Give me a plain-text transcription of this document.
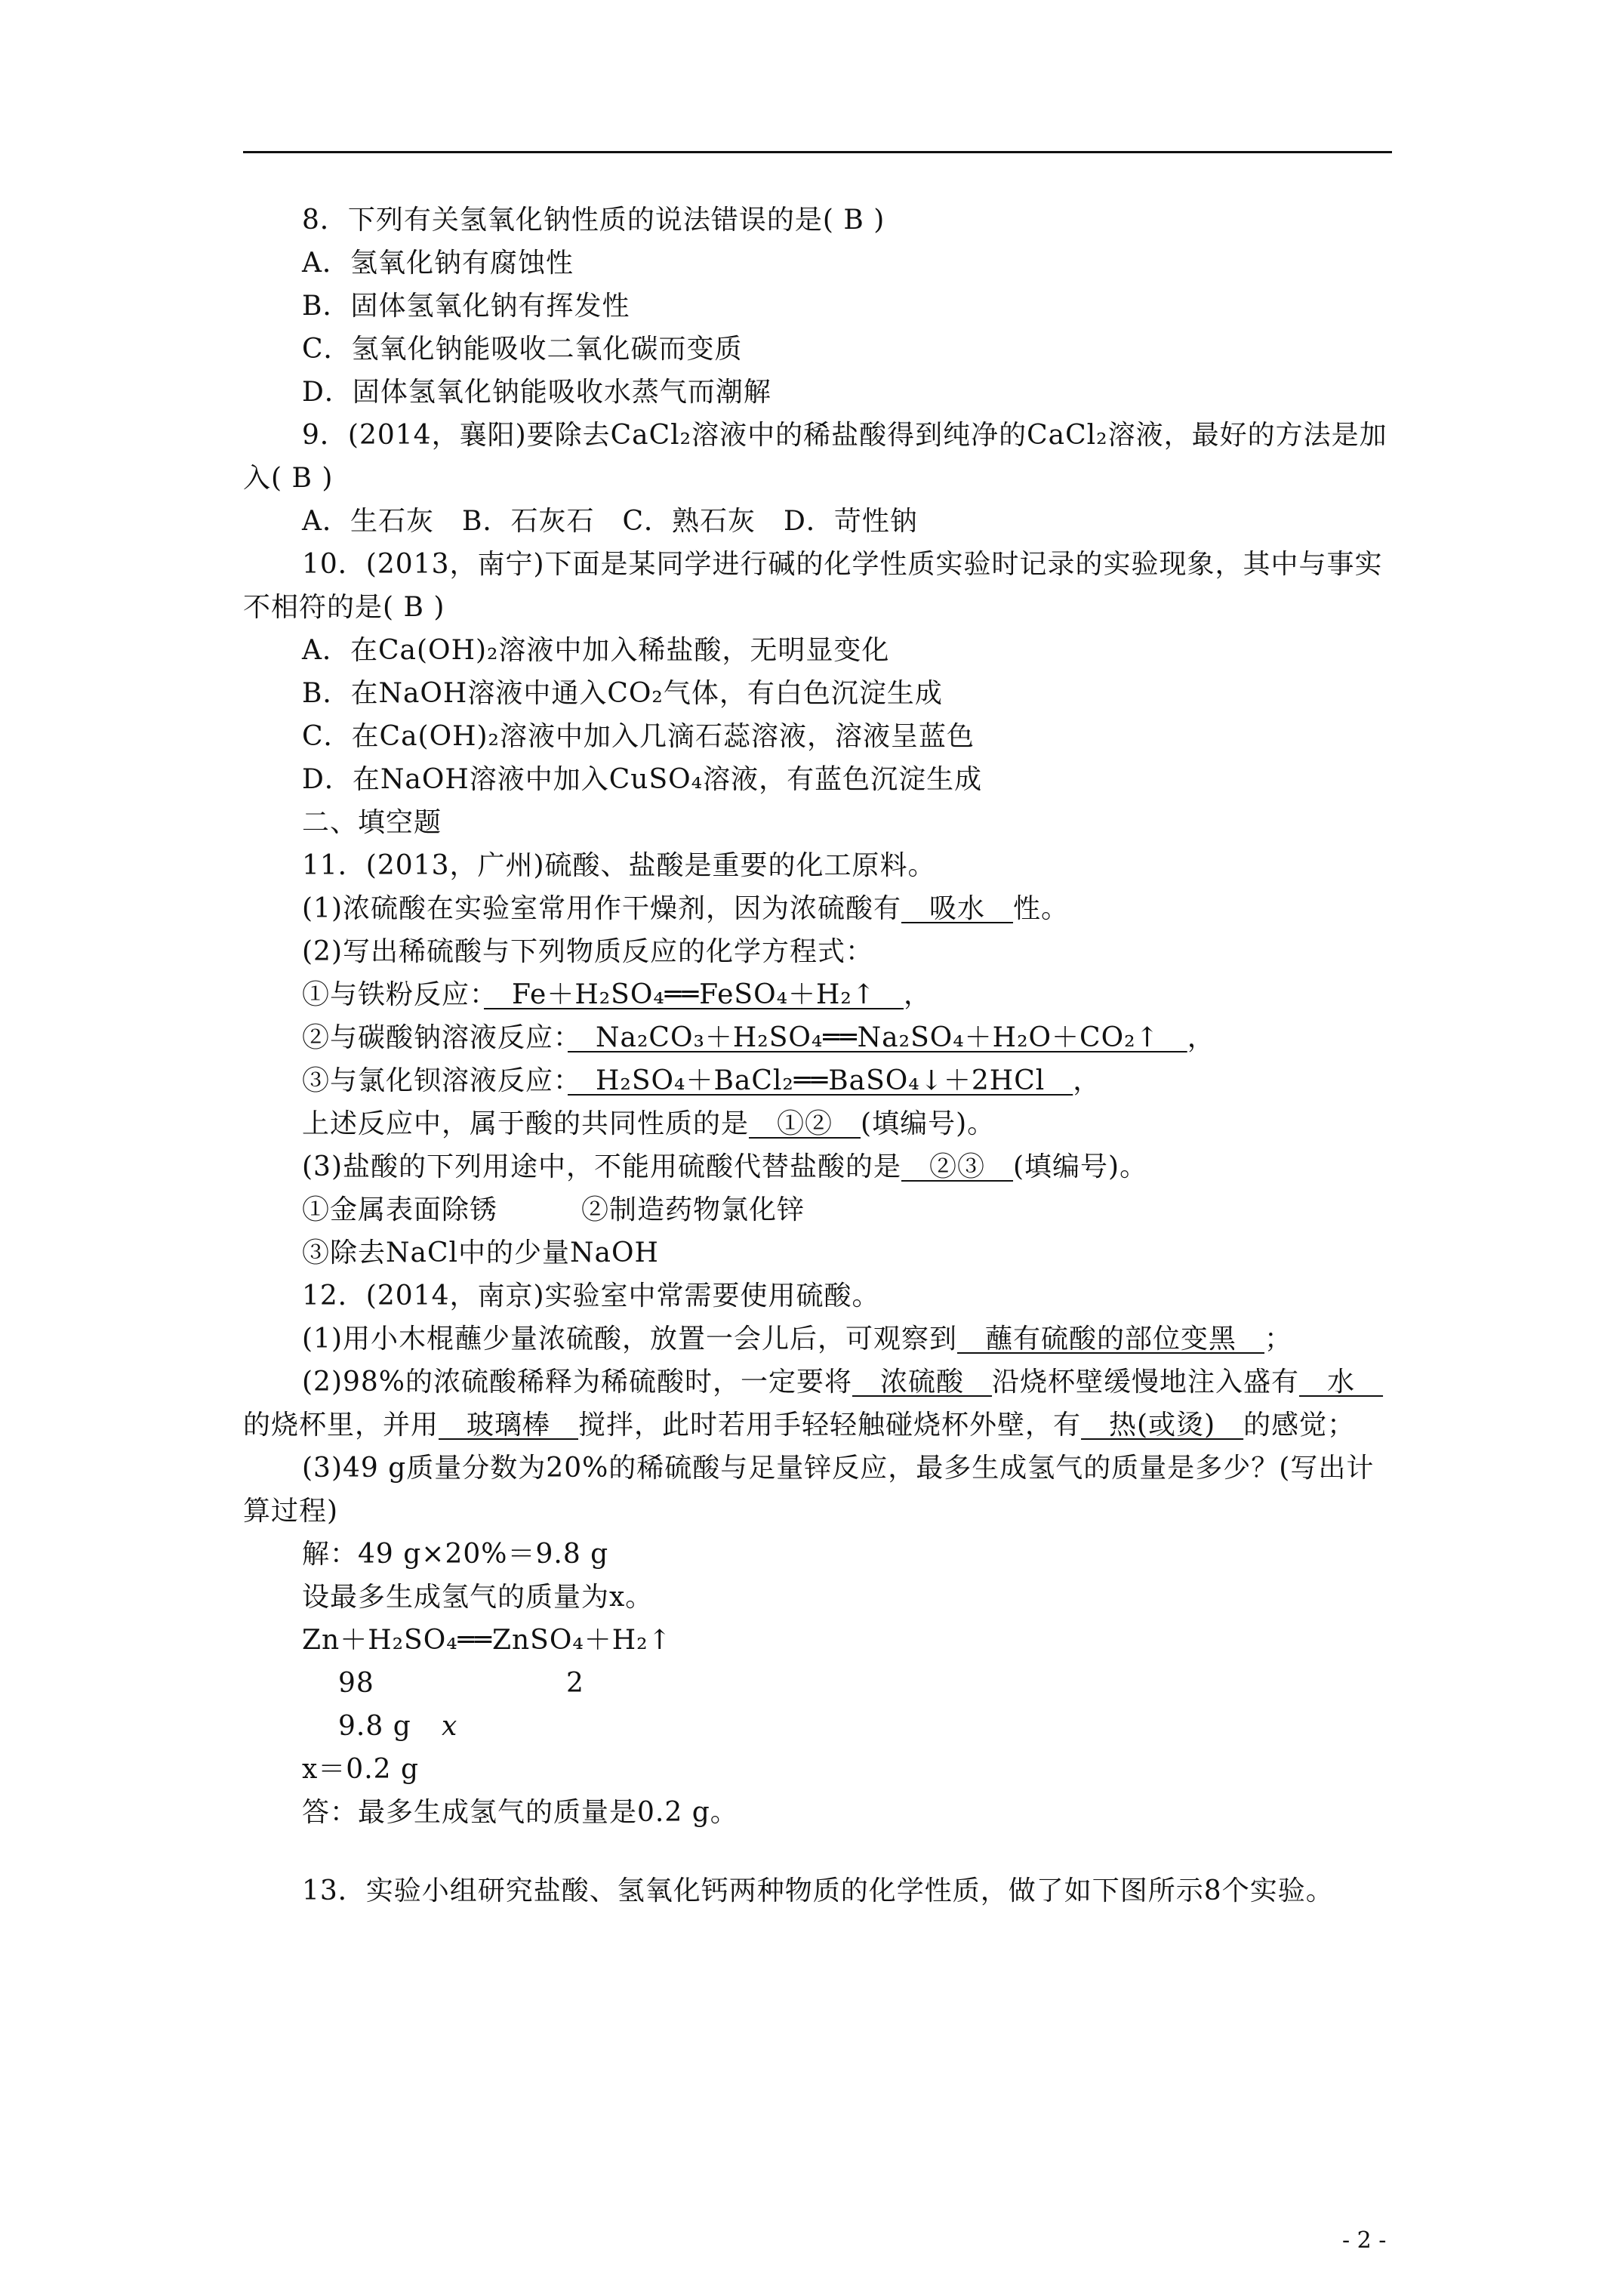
8．下列有关氢氧化钠性质的说法错误的是( B )
A．氢氧化钠有腐蚀性
B．固体氢氧化钠有挥发性
C．氢氧化钠能吸收二氧化碳而变质
D．固体氢氧化钠能吸收水蒸气而潮解
9．(2014，襄阳)要除去CaCl₂溶液中的稀盐酸得到纯净的CaCl₂溶液，最好的方法是加
入( B )
A．生石灰　B．石灰石　C．熟石灰　D．苛性钠
10．(2013，南宁)下面是某同学进行碱的化学性质实验时记录的实验现象，其中与事实
不相符的是( B )
A．在Ca(OH)₂溶液中加入稀盐酸，无明显变化
B．在NaOH溶液中通入CO₂气体，有白色沉淀生成
C．在Ca(OH)₂溶液中加入几滴石蕊溶液，溶液呈蓝色
D．在NaOH溶液中加入CuSO₄溶液，有蓝色沉淀生成
二、填空题
11．(2013，广州)硫酸、盐酸是重要的化工原料。
(1)浓硫酸在实验室常用作干燥剂，因为浓硫酸有　吸水　性。
(2)写出稀硫酸与下列物质反应的化学方程式：
①与铁粉反应：　Fe＋H₂SO₄══FeSO₄＋H₂↑　，
②与碳酸钠溶液反应：　Na₂CO₃＋H₂SO₄══Na₂SO₄＋H₂O＋CO₂↑　，
③与氯化钡溶液反应：　H₂SO₄＋BaCl₂══BaSO₄↓＋2HCl　，
上述反应中，属于酸的共同性质的是　①②　(填编号)。
(3)盐酸的下列用途中，不能用硫酸代替盐酸的是　②③　(填编号)。
①金属表面除锈　　　②制造药物氯化锌
③除去NaCl中的少量NaOH
12．(2014，南京)实验室中常需要使用硫酸。
(1)用小木棍蘸少量浓硫酸，放置一会儿后，可观察到　蘸有硫酸的部位变黑　；
(2)98%的浓硫酸稀释为稀硫酸时，一定要将　浓硫酸　沿烧杯壁缓慢地注入盛有　水　
的烧杯里，并用　玻璃棒　搅拌，此时若用手轻轻触碰烧杯外壁，有　热(或烫)　的感觉；
(3)49 g质量分数为20%的稀硫酸与足量锌反应，最多生成氢气的质量是多少？(写出计
算过程)
解：49 g×20%＝9.8 g
设最多生成氢气的质量为x。
Zn＋H₂SO₄══ZnSO₄＋H₂↑
98	2
9.8 g x
x＝0.2 g
答：最多生成氢气的质量是0.2 g。
13．实验小组研究盐酸、氢氧化钙两种物质的化学性质，做了如下图所示8个实验。
- 2 -
